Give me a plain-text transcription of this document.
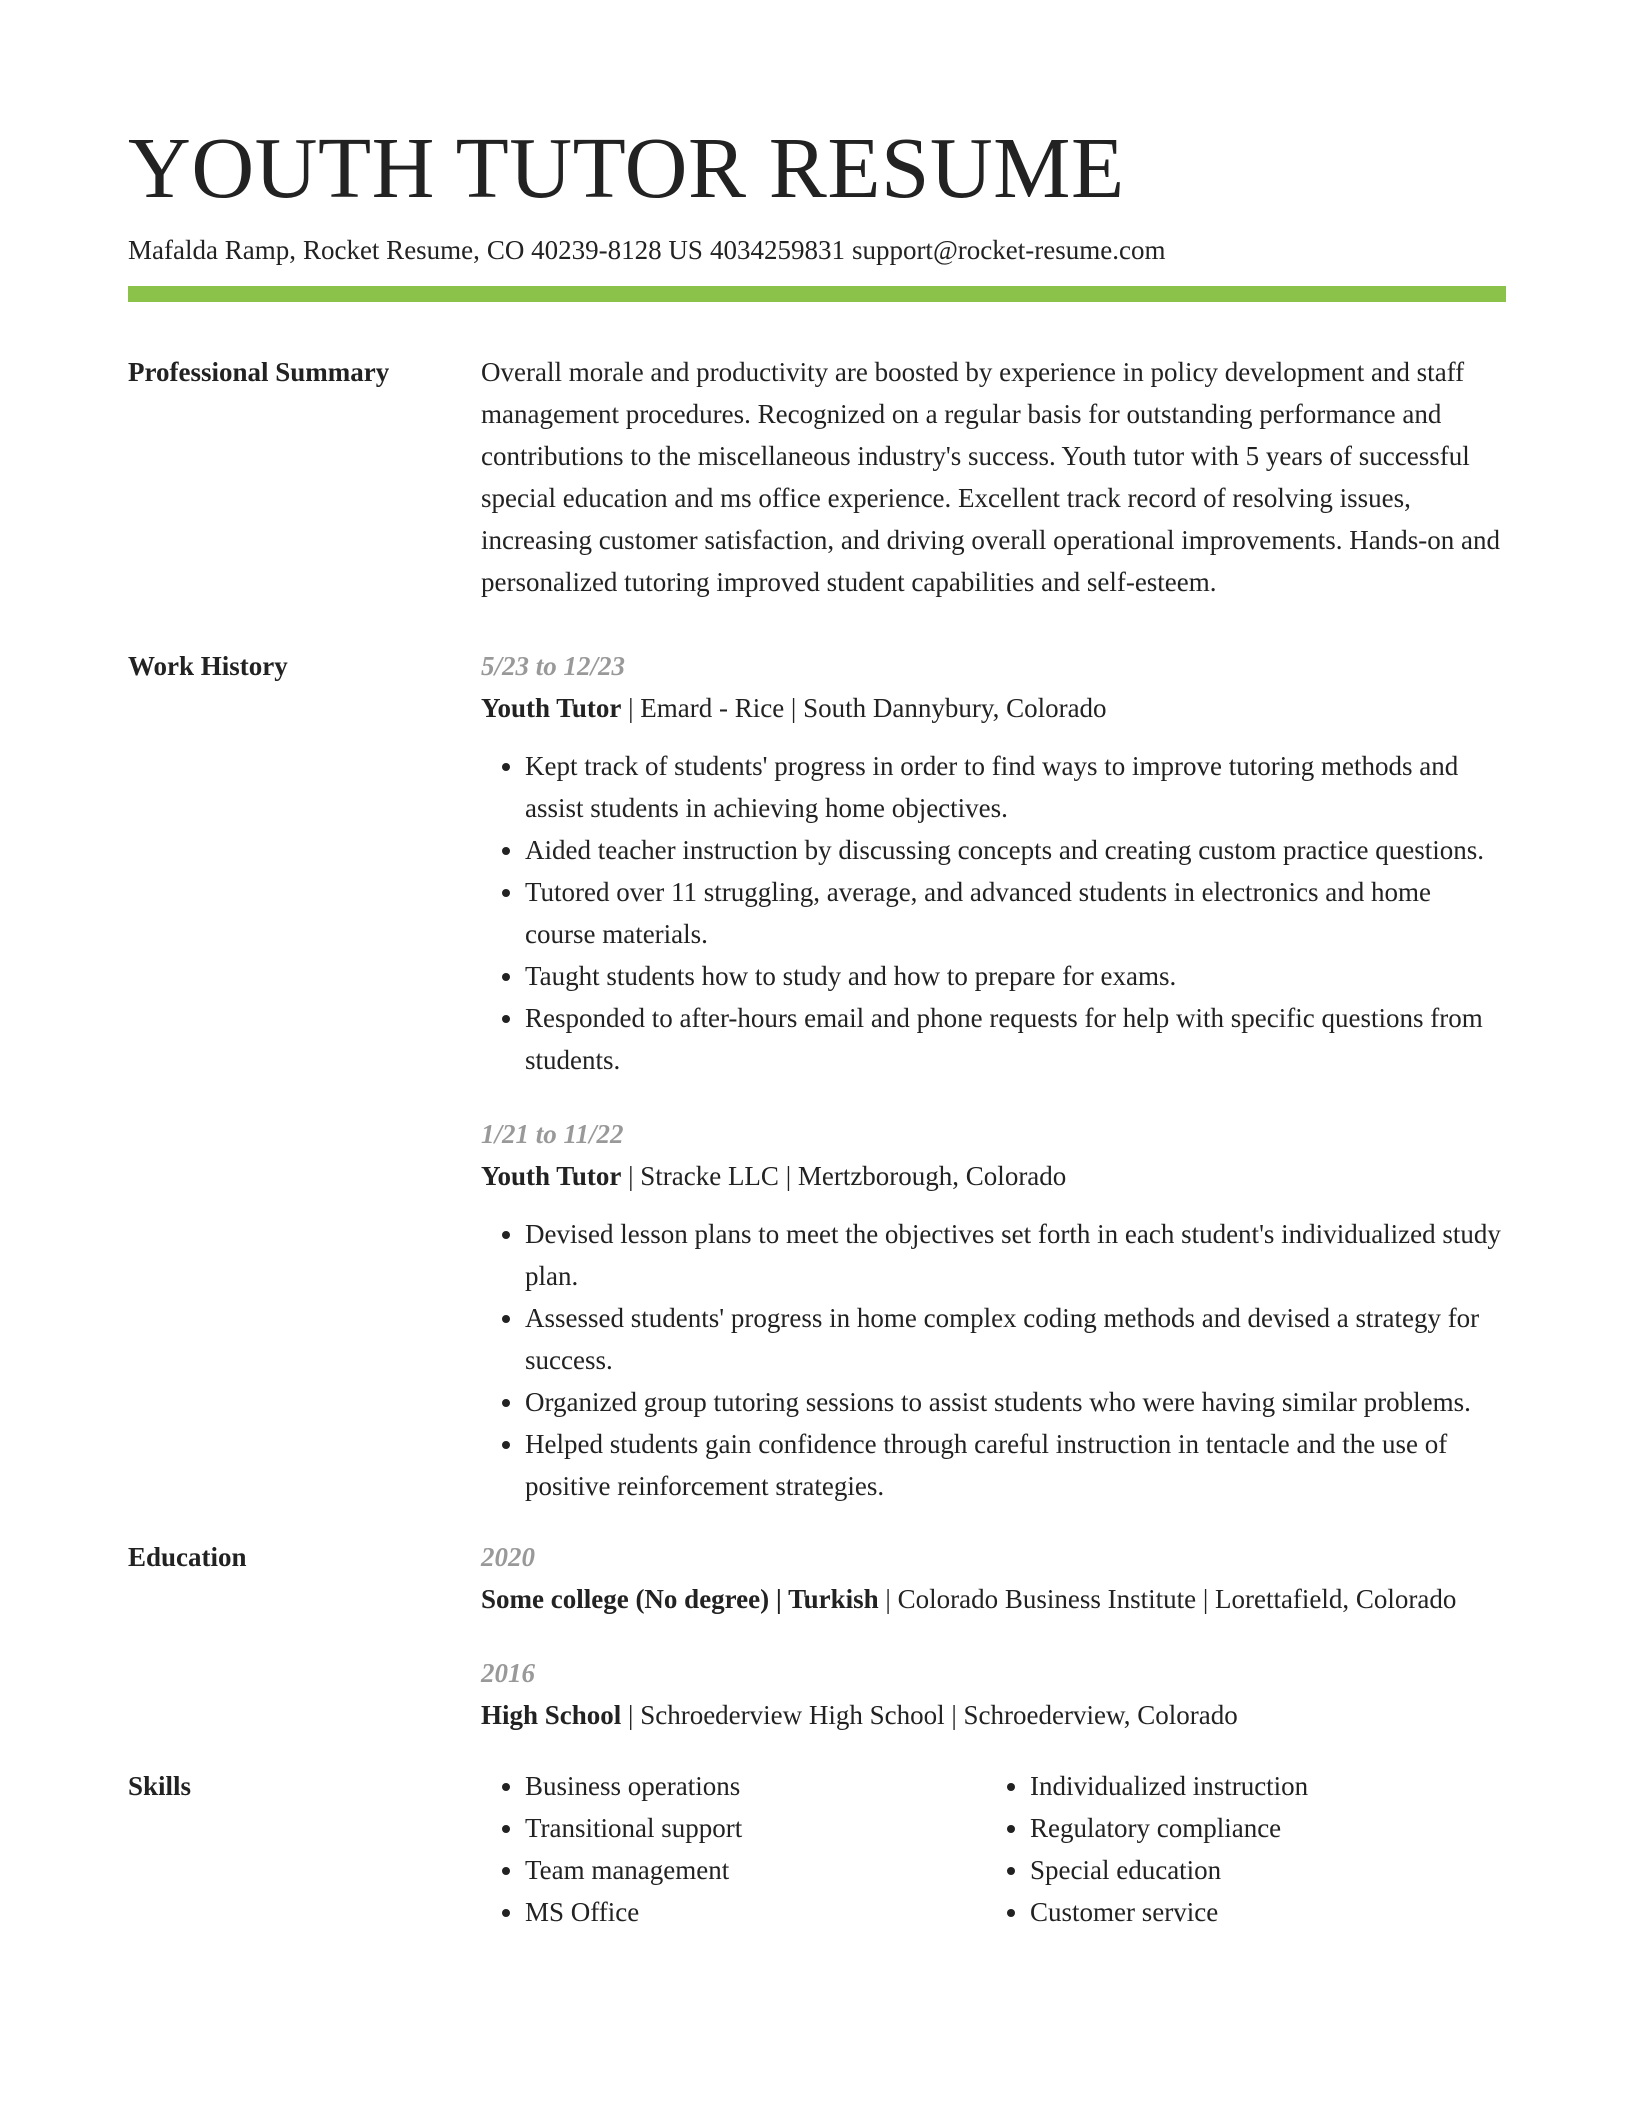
YOUTH TUTOR RESUME
Mafalda Ramp, Rocket Resume, CO 40239-8128 US 4034259831 support@rocket-resume.com
Professional Summary	Overall morale and productivity are boosted by experience in policy development and staff management procedures. Recognized on a regular basis for outstanding performance and contributions to the miscellaneous industry's success. Youth tutor with 5 years of successful special education and ms office experience. Excellent track record of resolving issues, increasing customer satisfaction, and driving overall operational improvements. Hands-on and personalized tutoring improved student capabilities and self-esteem.

Work History	5/23 to 12/23

Youth Tutor | Emard - Rice | South Dannybury, Colorado

• Kept track of students' progress in order to find ways to improve tutoring methods and assist students in achieving home objectives.
• Aided teacher instruction by discussing concepts and creating custom practice questions.
• Tutored over 11 struggling, average, and advanced students in electronics and home course materials.
• Taught students how to study and how to prepare for exams.
• Responded to after-hours email and phone requests for help with specific questions from students.

1/21 to 11/22

Youth Tutor | Stracke LLC | Mertzborough, Colorado

• Devised lesson plans to meet the objectives set forth in each student's individualized study plan.
• Assessed students' progress in home complex coding methods and devised a strategy for success.
• Organized group tutoring sessions to assist students who were having similar problems.
• Helped students gain confidence through careful instruction in tentacle and the use of positive reinforcement strategies.
Education	2020

Some college (No degree) | Turkish | Colorado Business Institute | Lorettafield, Colorado

2016

High School | Schroederview High School | Schroederview, Colorado

Skills
•	Business operations
• Transitional support
• Team management
• MS Office
• Individualized instruction
• Regulatory compliance
• Special education
• Customer service
